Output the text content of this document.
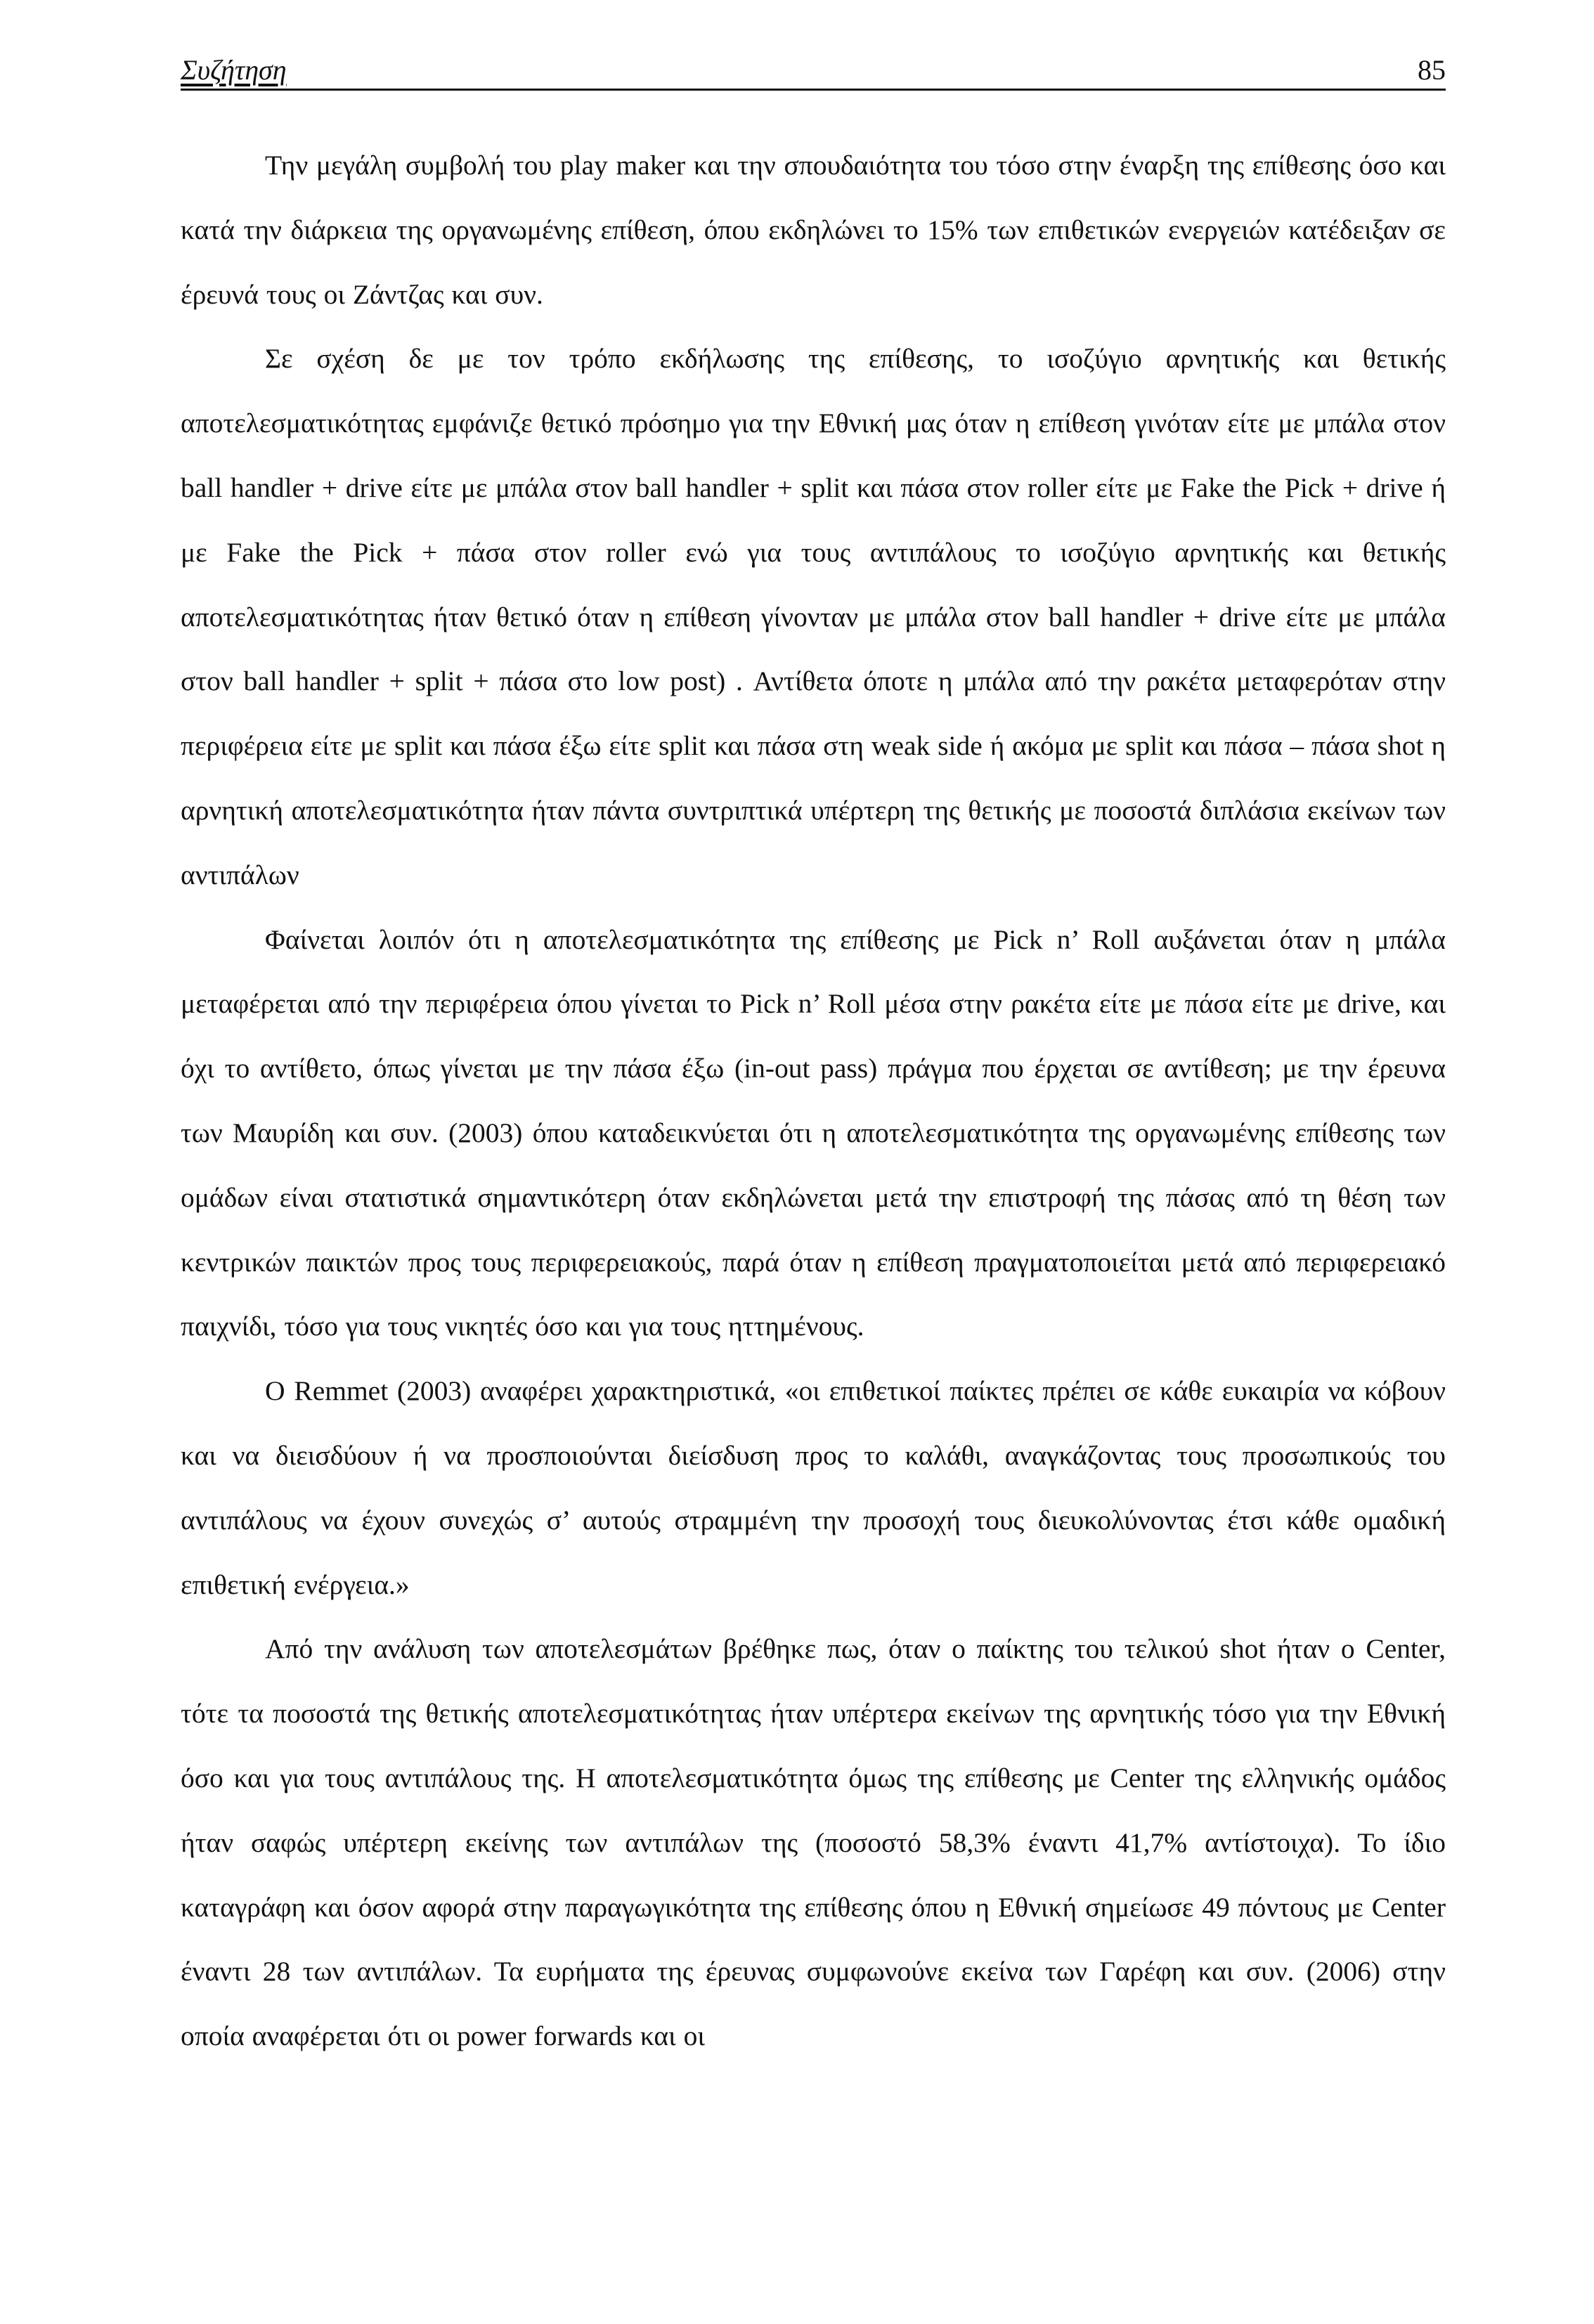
Συζήτηση	85

Την μεγάλη συμβολή του play maker και την σπουδαιότητα του τόσο στην έναρξη της επίθεσης όσο και κατά την διάρκεια της οργανωμένης επίθεση, όπου εκδηλώνει το 15% των επιθετικών ενεργειών κατέδειξαν σε έρευνά τους οι Ζάντζας και συν.

Σε σχέση δε με τον τρόπο εκδήλωσης της επίθεσης, το ισοζύγιο αρνητικής και θετικής αποτελεσματικότητας εμφάνιζε θετικό πρόσημο για την Εθνική μας όταν η επίθεση γινόταν είτε με μπάλα στον ball handler + drive είτε με μπάλα στον ball handler + split και πάσα στον roller είτε με Fake the Pick + drive ή με Fake the Pick + πάσα στον roller ενώ για τους αντιπάλους το ισοζύγιο αρνητικής και θετικής αποτελεσματικότητας ήταν θετικό όταν η επίθεση γίνονταν με μπάλα στον ball handler + drive είτε με μπάλα στον ball handler + split + πάσα στο low post) . Αντίθετα όποτε η μπάλα από την ρακέτα μεταφερόταν στην περιφέρεια είτε με split και πάσα έξω είτε split και πάσα στη weak side ή ακόμα με split και πάσα – πάσα shot η αρνητική αποτελεσματικότητα ήταν πάντα συντριπτικά υπέρτερη της θετικής με ποσοστά διπλάσια εκείνων των αντιπάλων

Φαίνεται λοιπόν ότι η αποτελεσματικότητα της επίθεσης με Pick n’ Roll αυξάνεται όταν η μπάλα μεταφέρεται από την περιφέρεια όπου γίνεται το Pick n’ Roll μέσα στην ρακέτα είτε με πάσα είτε με drive, και όχι το αντίθετο, όπως γίνεται με την πάσα έξω (in-out pass) πράγμα που έρχεται σε αντίθεση; με την έρευνα των Μαυρίδη και συν. (2003) όπου καταδεικνύεται ότι η αποτελεσματικότητα της οργανωμένης επίθεσης των ομάδων είναι στατιστικά σημαντικότερη όταν εκδηλώνεται μετά την επιστροφή της πάσας από τη θέση των κεντρικών παικτών προς τους περιφερειακούς, παρά όταν η επίθεση πραγματοποιείται μετά από περιφερειακό παιχνίδι, τόσο για τους νικητές όσο και για τους ηττημένους.

Ο Remmet (2003) αναφέρει χαρακτηριστικά, «οι επιθετικοί παίκτες πρέπει σε κάθε ευκαιρία να κόβουν και να διεισδύουν ή να προσποιούνται διείσδυση προς το καλάθι, αναγκάζοντας τους προσωπικούς του αντιπάλους να έχουν συνεχώς σ’ αυτούς στραμμένη την προσοχή τους διευκολύνοντας έτσι κάθε ομαδική επιθετική ενέργεια.»

Από την ανάλυση των αποτελεσμάτων βρέθηκε πως, όταν ο παίκτης του τελικού shot ήταν ο Center, τότε τα ποσοστά της θετικής αποτελεσματικότητας ήταν υπέρτερα εκείνων της αρνητικής τόσο για την Εθνική όσο και για τους αντιπάλους της. Η αποτελεσματικότητα όμως της επίθεσης με Center της ελληνικής ομάδος ήταν σαφώς υπέρτερη εκείνης των αντιπάλων της (ποσοστό 58,3% έναντι 41,7% αντίστοιχα). Το ίδιο καταγράφη και όσον αφορά στην παραγωγικότητα της επίθεσης όπου η Εθνική σημείωσε 49 πόντους με Center έναντι 28 των αντιπάλων. Τα ευρήματα της έρευνας συμφωνούνε εκείνα των Γαρέφη και συν. (2006) στην οποία αναφέρεται ότι οι power forwards και οι
